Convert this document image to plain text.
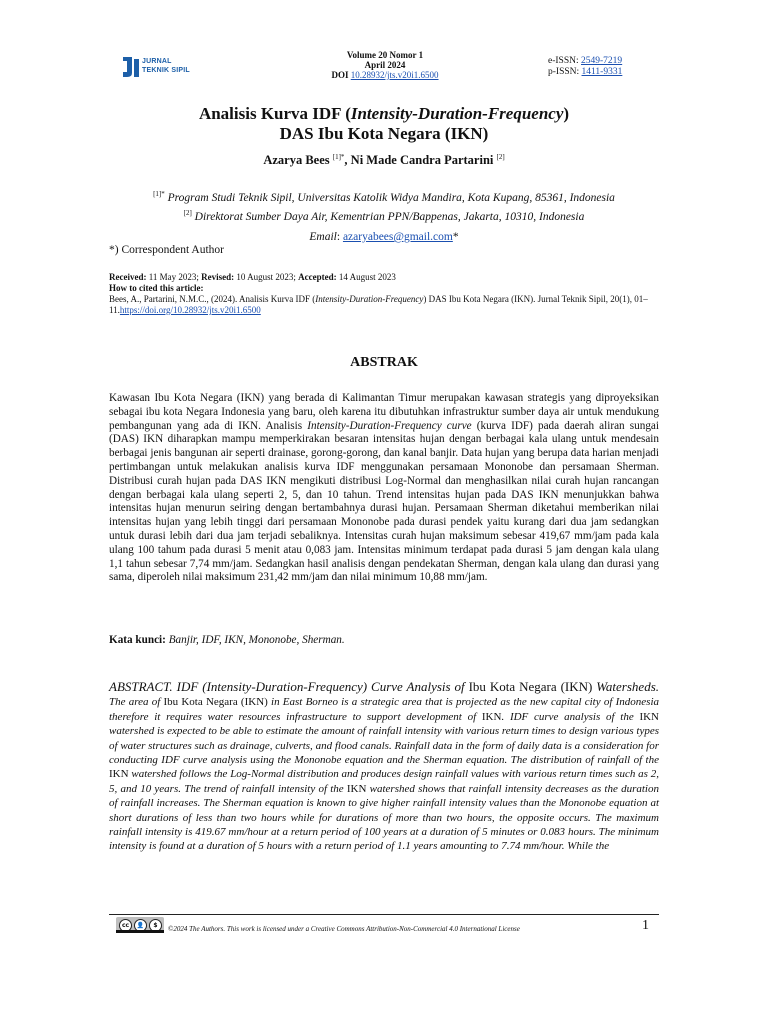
JURNAL
TEKNIK SIPIL
Volume 20 Nomor 1
April 2024
DOI 10.28932/jts.v20i1.6500
e-ISSN: 2549-7219
p-ISSN: 1411-9331
Analisis Kurva IDF (Intensity-Duration-Frequency)
DAS Ibu Kota Negara (IKN)
Azarya Bees $^{[1]*}$, Ni Made Candra Partarini [2]
$^{[1]*}$ Program Studi Teknik Sipil, Universitas Katolik Widya Mandira, Kota Kupang, 85361, Indonesia
[2] Direktorat Sumber Daya Air, Kementrian PPN/Bappenas, Jakarta, 10310, Indonesia
Email: azaryabees@gmail.com*
*) Correspondent Author
Received: 11 May 2023; Revised: 10 August 2023; Accepted: 14 August 2023
How to cited this article:
Bees, A., Partarini, N.M.C., (2024). Analisis Kurva IDF (Intensity-Duration-Frequency) DAS Ibu Kota Negara (IKN). Jurnal Teknik Sipil, 20(1), 01–11.https://doi.org/10.28932/jts.v20i1.6500
ABSTRAK
Kawasan Ibu Kota Negara (IKN) yang berada di Kalimantan Timur merupakan kawasan strategis yang diproyeksikan sebagai ibu kota Negara Indonesia yang baru, oleh karena itu dibutuhkan infrastruktur sumber daya air untuk mendukung pembangunan yang ada di IKN. Analisis Intensity-Duration-Frequency curve (kurva IDF) pada daerah aliran sungai (DAS) IKN diharapkan mampu memperkirakan besaran intensitas hujan dengan berbagai kala ulang untuk mendesain berbagai jenis bangunan air seperti drainase, gorong-gorong, dan kanal banjir. Data hujan yang berupa data harian menjadi pertimbangan untuk melakukan analisis kurva IDF menggunakan persamaan Mononobe dan persamaan Sherman. Distribusi curah hujan pada DAS IKN mengikuti distribusi Log-Normal dan menghasilkan nilai curah hujan rancangan dengan berbagai kala ulang seperti 2, 5, dan 10 tahun. Trend intensitas hujan pada DAS IKN menunjukkan bahwa intensitas hujan menurun seiring dengan bertambahnya durasi hujan. Persamaan Sherman diketahui memberikan nilai intensitas hujan yang lebih tinggi dari persamaan Mononobe pada durasi pendek yaitu kurang dari dua jam sedangkan untuk durasi lebih dari dua jam terjadi sebaliknya. Intensitas curah hujan maksimum sebesar 419,67 mm/jam pada kala ulang 100 tahum pada durasi 5 menit atau 0,083 jam. Intensitas minimum terdapat pada durasi 5 jam dengan kala ulang 1,1 tahun sebesar 7,74 mm/jam. Sedangkan hasil analisis dengan pendekatan Sherman, dengan kala ulang dan durasi yang sama, diperoleh nilai maksimum 231,42 mm/jam dan nilai minimum 10,88 mm/jam.
Kata kunci: Banjir, IDF, IKN, Mononobe, Sherman.
ABSTRACT. IDF (Intensity-Duration-Frequency) Curve Analysis of Ibu Kota Negara (IKN) Watersheds. The area of Ibu Kota Negara (IKN) in East Borneo is a strategic area that is projected as the new capital city of Indonesia therefore it requires water resources infrastructure to support development of IKN. IDF curve analysis of the IKN watershed is expected to be able to estimate the amount of rainfall intensity with various return times to design various types of water structures such as drainage, culverts, and flood canals. Rainfall data in the form of daily data is a consideration for conducting IDF curve analysis using the Mononobe equation and the Sherman equation. The distribution of rainfall of the IKN watershed follows the Log-Normal distribution and produces design rainfall values with various return times such as 2, 5, and 10 years. The trend of rainfall intensity of the IKN watershed shows that rainfall intensity decreases as the duration of rainfall increases. The Sherman equation is known to give higher rainfall intensity values than the Mononobe equation at short durations of less than two hours while for durations of more than two hours, the opposite occurs. The maximum rainfall intensity is 419.67 mm/hour at a return period of 100 years at a duration of 5 minutes or 0.083 hours. The minimum intensity is found at a duration of 5 hours with a return period of 1.1 years amounting to 7.74 mm/hour. While the
cc	👤	$	©2024 The Authors. This work is licensed under a Creative Commons Attribution-Non-Commercial 4.0 International License	1
